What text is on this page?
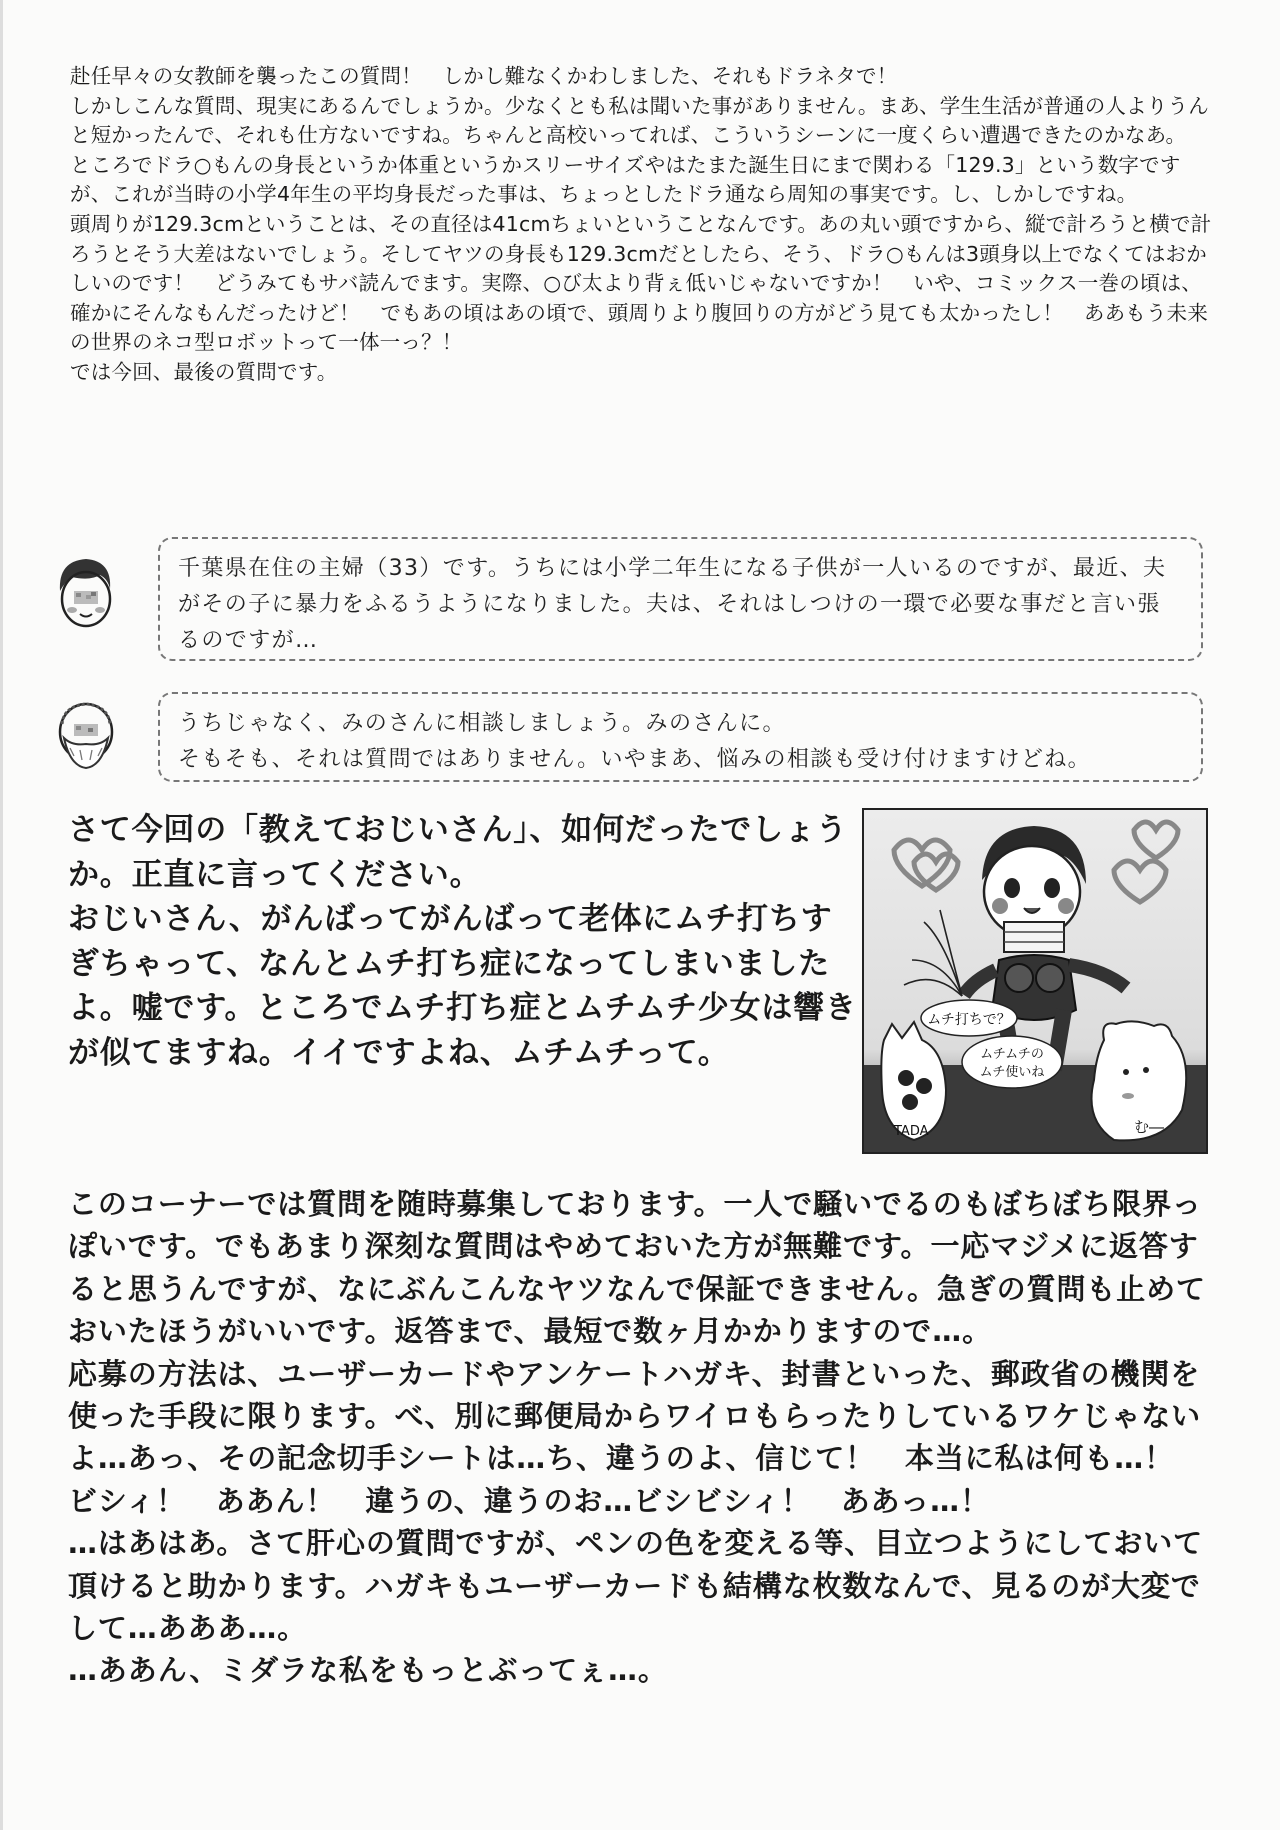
赴任早々の女教師を襲ったこの質問！　しかし難なくかわしました、それもドラネタで！

しかしこんな質問、現実にあるんでしょうか。少なくとも私は聞いた事がありません。まあ、学生生活が普通の人よりうんと短かったんで、それも仕方ないですね。ちゃんと高校いってれば、こういうシーンに一度くらい遭遇できたのかなあ。

ところでドラ○もんの身長というか体重というかスリーサイズやはたまた誕生日にまで関わる「129.3」という数字ですが、これが当時の小学4年生の平均身長だった事は、ちょっとしたドラ通なら周知の事実です。し、しかしですね。

頭周りが129.3cmということは、その直径は41cmちょいということなんです。あの丸い頭ですから、縦で計ろうと横で計ろうとそう大差はないでしょう。そしてヤツの身長も129.3cmだとしたら、そう、ドラ○もんは3頭身以上でなくてはおかしいのです！　どうみてもサバ読んでます。実際、○び太より背ぇ低いじゃないですか！　いや、コミックス一巻の頃は、確かにそんなもんだったけど！　でもあの頃はあの頃で、頭周りより腹回りの方がどう見ても太かったし！　ああもう未来の世界のネコ型ロボットって一体一っ？！

では今回、最後の質問です。

千葉県在住の主婦（33）です。うちには小学二年生になる子供が一人いるのですが、最近、夫がその子に暴力をふるうようになりました。夫は、それはしつけの一環で必要な事だと言い張るのですが…

うちじゃなく、みのさんに相談しましょう。みのさんに。

そもそも、それは質問ではありません。いやまあ、悩みの相談も受け付けますけどね。

さて今回の「教えておじいさん」、如何だったでしょうか。正直に言ってください。

おじいさん、がんばってがんばって老体にムチ打ちすぎちゃって、なんとムチ打ち症になってしまいましたよ。嘘です。ところでムチ打ち症とムチムチ少女は響きが似てますね。イイですよね、ムチムチって。

ムチ打ちで？
ムチムチの
ムチ使いね
TADA	む―

このコーナーでは質問を随時募集しております。一人で騒いでるのもぼちぼち限界っぽいです。でもあまり深刻な質問はやめておいた方が無難です。一応マジメに返答すると思うんですが、なにぶんこんなヤツなんで保証できません。急ぎの質問も止めておいたほうがいいです。返答まで、最短で数ヶ月かかりますので…。

応募の方法は、ユーザーカードやアンケートハガキ、封書といった、郵政省の機関を使った手段に限ります。べ、別に郵便局からワイロもらったりしているワケじゃないよ…あっ、その記念切手シートは…ち、違うのよ、信じて！　本当に私は何も…！　ビシィ！　ああん！　違うの、違うのお…ビシビシィ！　ああっ…！

…はあはあ。さて肝心の質問ですが、ペンの色を変える等、目立つようにしておいて頂けると助かります。ハガキもユーザーカードも結構な枚数なんで、見るのが大変でして…あああ…。

…ああん、ミダラな私をもっとぶってぇ…。
